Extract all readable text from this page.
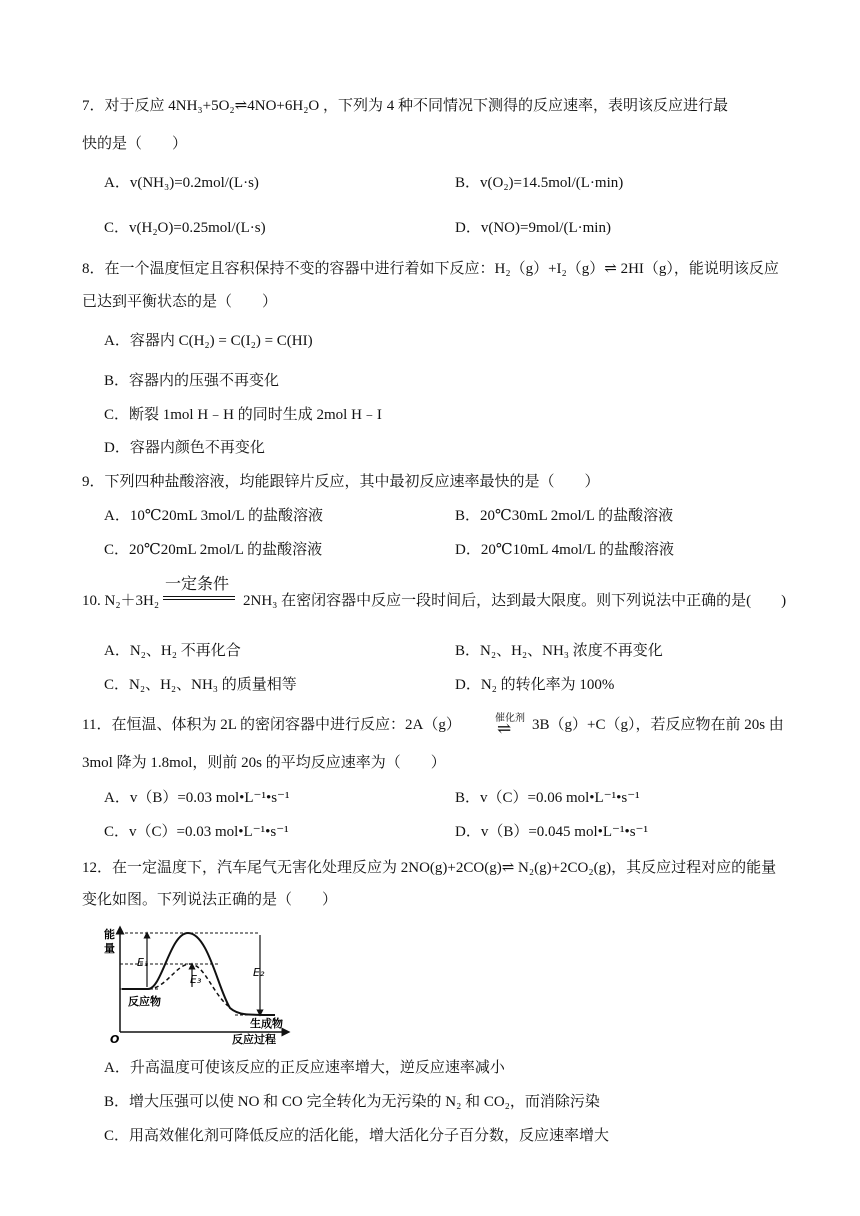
7．对于反应 4NH₃+5O₂⇌4NO+6H₂O ，下列为 4 种不同情况下测得的反应速率，表明该反应进行最
快的是（　　）
A．v(NH₃)=0.2mol/(L·s)	B．v(O₂)=14.5mol/(L·min)
C．v(H₂O)=0.25mol/(L·s)	D．v(NO)=9mol/(L·min)
8．在一个温度恒定且容积保持不变的容器中进行着如下反应：H₂（g）+I₂（g）⇌ 2HI（g），能说明该反应
已达到平衡状态的是（　　）
A．容器内 C(H₂) = C(I₂) = C(HI)
B．容器内的压强不再变化
C．断裂 1mol H﹣H 的同时生成 2mol H﹣I
D．容器内颜色不再变化
9．下列四种盐酸溶液，均能跟锌片反应，其中最初反应速率最快的是（　　）
A．10℃20mL 3mol/L 的盐酸溶液	B．20℃30mL 2mol/L 的盐酸溶液
C．20℃20mL 2mol/L 的盐酸溶液	D．20℃10mL 4mol/L 的盐酸溶液
一定条件
10. N₂＋3H₂	2NH₃ 在密闭容器中反应一段时间后，达到最大限度。则下列说法中正确的是(　　)
A．N₂、H₂ 不再化合	B．N₂、H₂、NH₃ 浓度不再变化
C．N₂、H₂、NH₃ 的质量相等	D．N₂ 的转化率为 100%
11．在恒温、体积为 2L 的密闭容器中进行反应：2A（g）	催化剂
⇌ 3B（g）+C（g），若反应物在前 20s 由
3mol 降为 1.8mol，则前 20s 的平均反应速率为（　　）
A．v（B）=0.03 mol•L⁻¹•s⁻¹	B．v（C）=0.06 mol•L⁻¹•s⁻¹
C．v（C）=0.03 mol•L⁻¹•s⁻¹	D．v（B）=0.045 mol•L⁻¹•s⁻¹
12．在一定温度下，汽车尾气无害化处理反应为 2NO(g)+2CO(g)⇌ N₂(g)+2CO₂(g)，其反应过程对应的能量
变化如图。下列说法正确的是（　　）
能
量
O
E₁
E₃
E₂
反应物
生成物
反应过程
A．升高温度可使该反应的正反应速率增大，逆反应速率减小
B．增大压强可以使 NO 和 CO 完全转化为无污染的 N₂ 和 CO₂，而消除污染
C．用高效催化剂可降低反应的活化能，增大活化分子百分数，反应速率增大
